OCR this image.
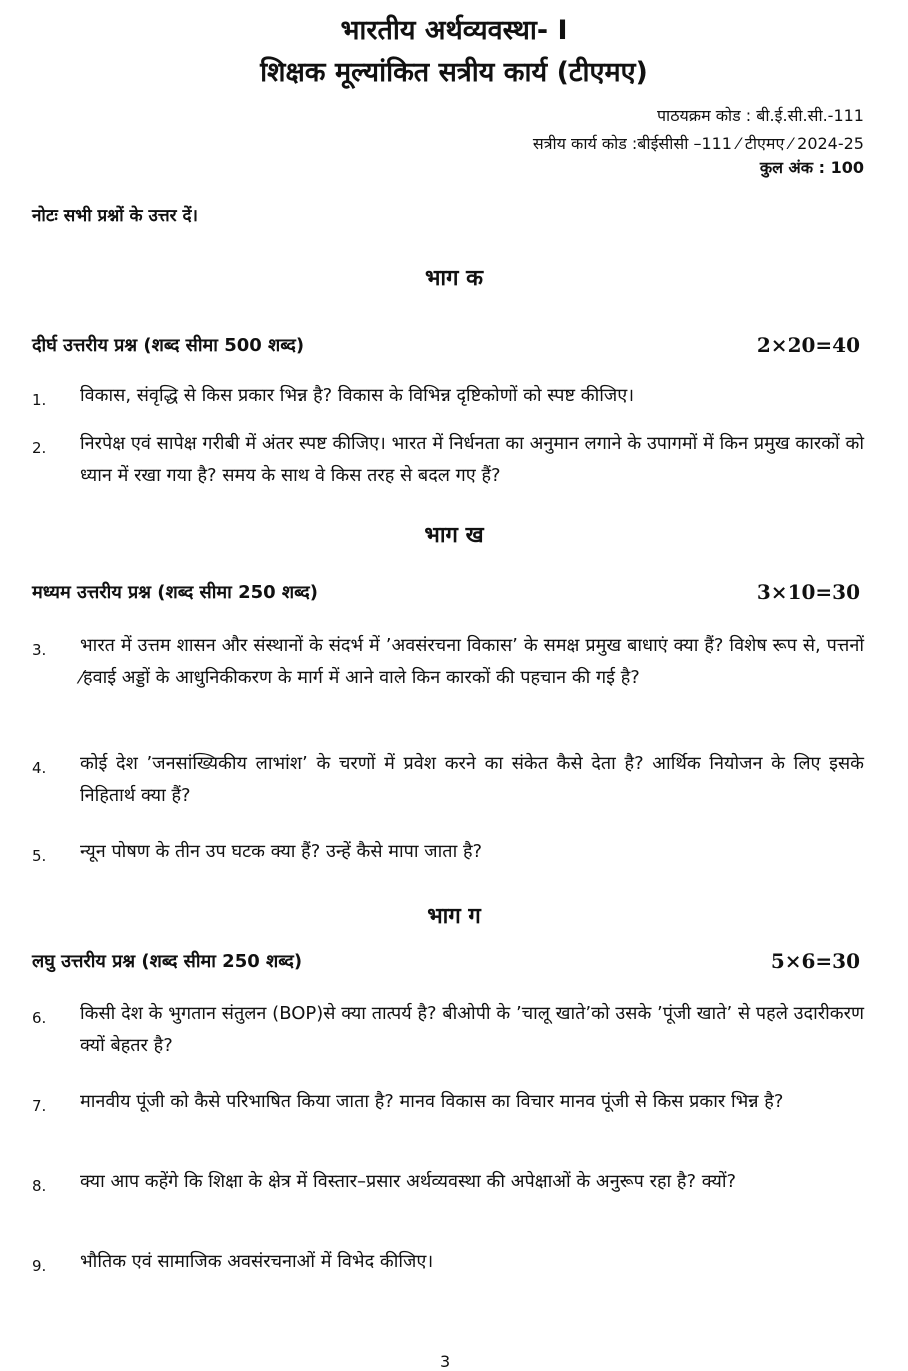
भारतीय अर्थव्यवस्था- I
शिक्षक मूल्यांकित सत्रीय कार्य (टीएमए)
पाठयक्रम कोड : बी.ई.सी.सी.-111
सत्रीय कार्य कोड :बीईसीसी –111 ⁄ टीएमए ⁄ 2024-25
कुल अंक : 100
नोटः सभी प्रश्नों के उत्तर दें।
भाग क
दीर्घ उत्तरीय प्रश्न (शब्द सीमा 500 शब्द)	2×20=40
1. विकास, संवृद्धि से किस प्रकार भिन्न है? विकास के विभिन्न दृष्टिकोणों को स्पष्ट कीजिए।
2. निरपेक्ष एवं सापेक्ष गरीबी में अंतर स्पष्ट कीजिए। भारत में निर्धनता का अनुमान लगाने के उपागमों में किन प्रमुख कारकों को ध्यान में रखा गया है? समय के साथ वे किस तरह से बदल गए हैं?
भाग ख
मध्यम उत्तरीय प्रश्न (शब्द सीमा 250 शब्द)	3×10=30
3. भारत में उत्तम शासन और संस्थानों के संदर्भ में ’अवसंरचना विकास’ के समक्ष प्रमुख बाधाएं क्या हैं? विशेष रूप से, पत्तनों ⁄हवाई अड्डों के आधुनिकीकरण के मार्ग में आने वाले किन कारकों की पहचान की गई है?
4. कोई देश ’जनसांख्यिकीय लाभांश’ के चरणों में प्रवेश करने का संकेत कैसे देता है? आर्थिक नियोजन के लिए इसके निहितार्थ क्या हैं?
5. न्यून पोषण के तीन उप घटक क्या हैं? उन्हें कैसे मापा जाता है?
भाग ग
लघु उत्तरीय प्रश्न (शब्द सीमा 250 शब्द)	5×6=30
6. किसी देश के भुगतान संतुलन (BOP)से क्या तात्पर्य है? बीओपी के ’चालू खाते’को उसके ’पूंजी खाते’ से पहले उदारीकरण क्यों बेहतर है?
7. मानवीय पूंजी को कैसे परिभाषित किया जाता है? मानव विकास का विचार मानव पूंजी से किस प्रकार भिन्न है?
8. क्या आप कहेंगे कि शिक्षा के क्षेत्र में विस्तार–प्रसार अर्थव्यवस्था की अपेक्षाओं के अनुरूप रहा है? क्यों?
9. भौतिक एवं सामाजिक अवसंरचनाओं में विभेद कीजिए।
3
